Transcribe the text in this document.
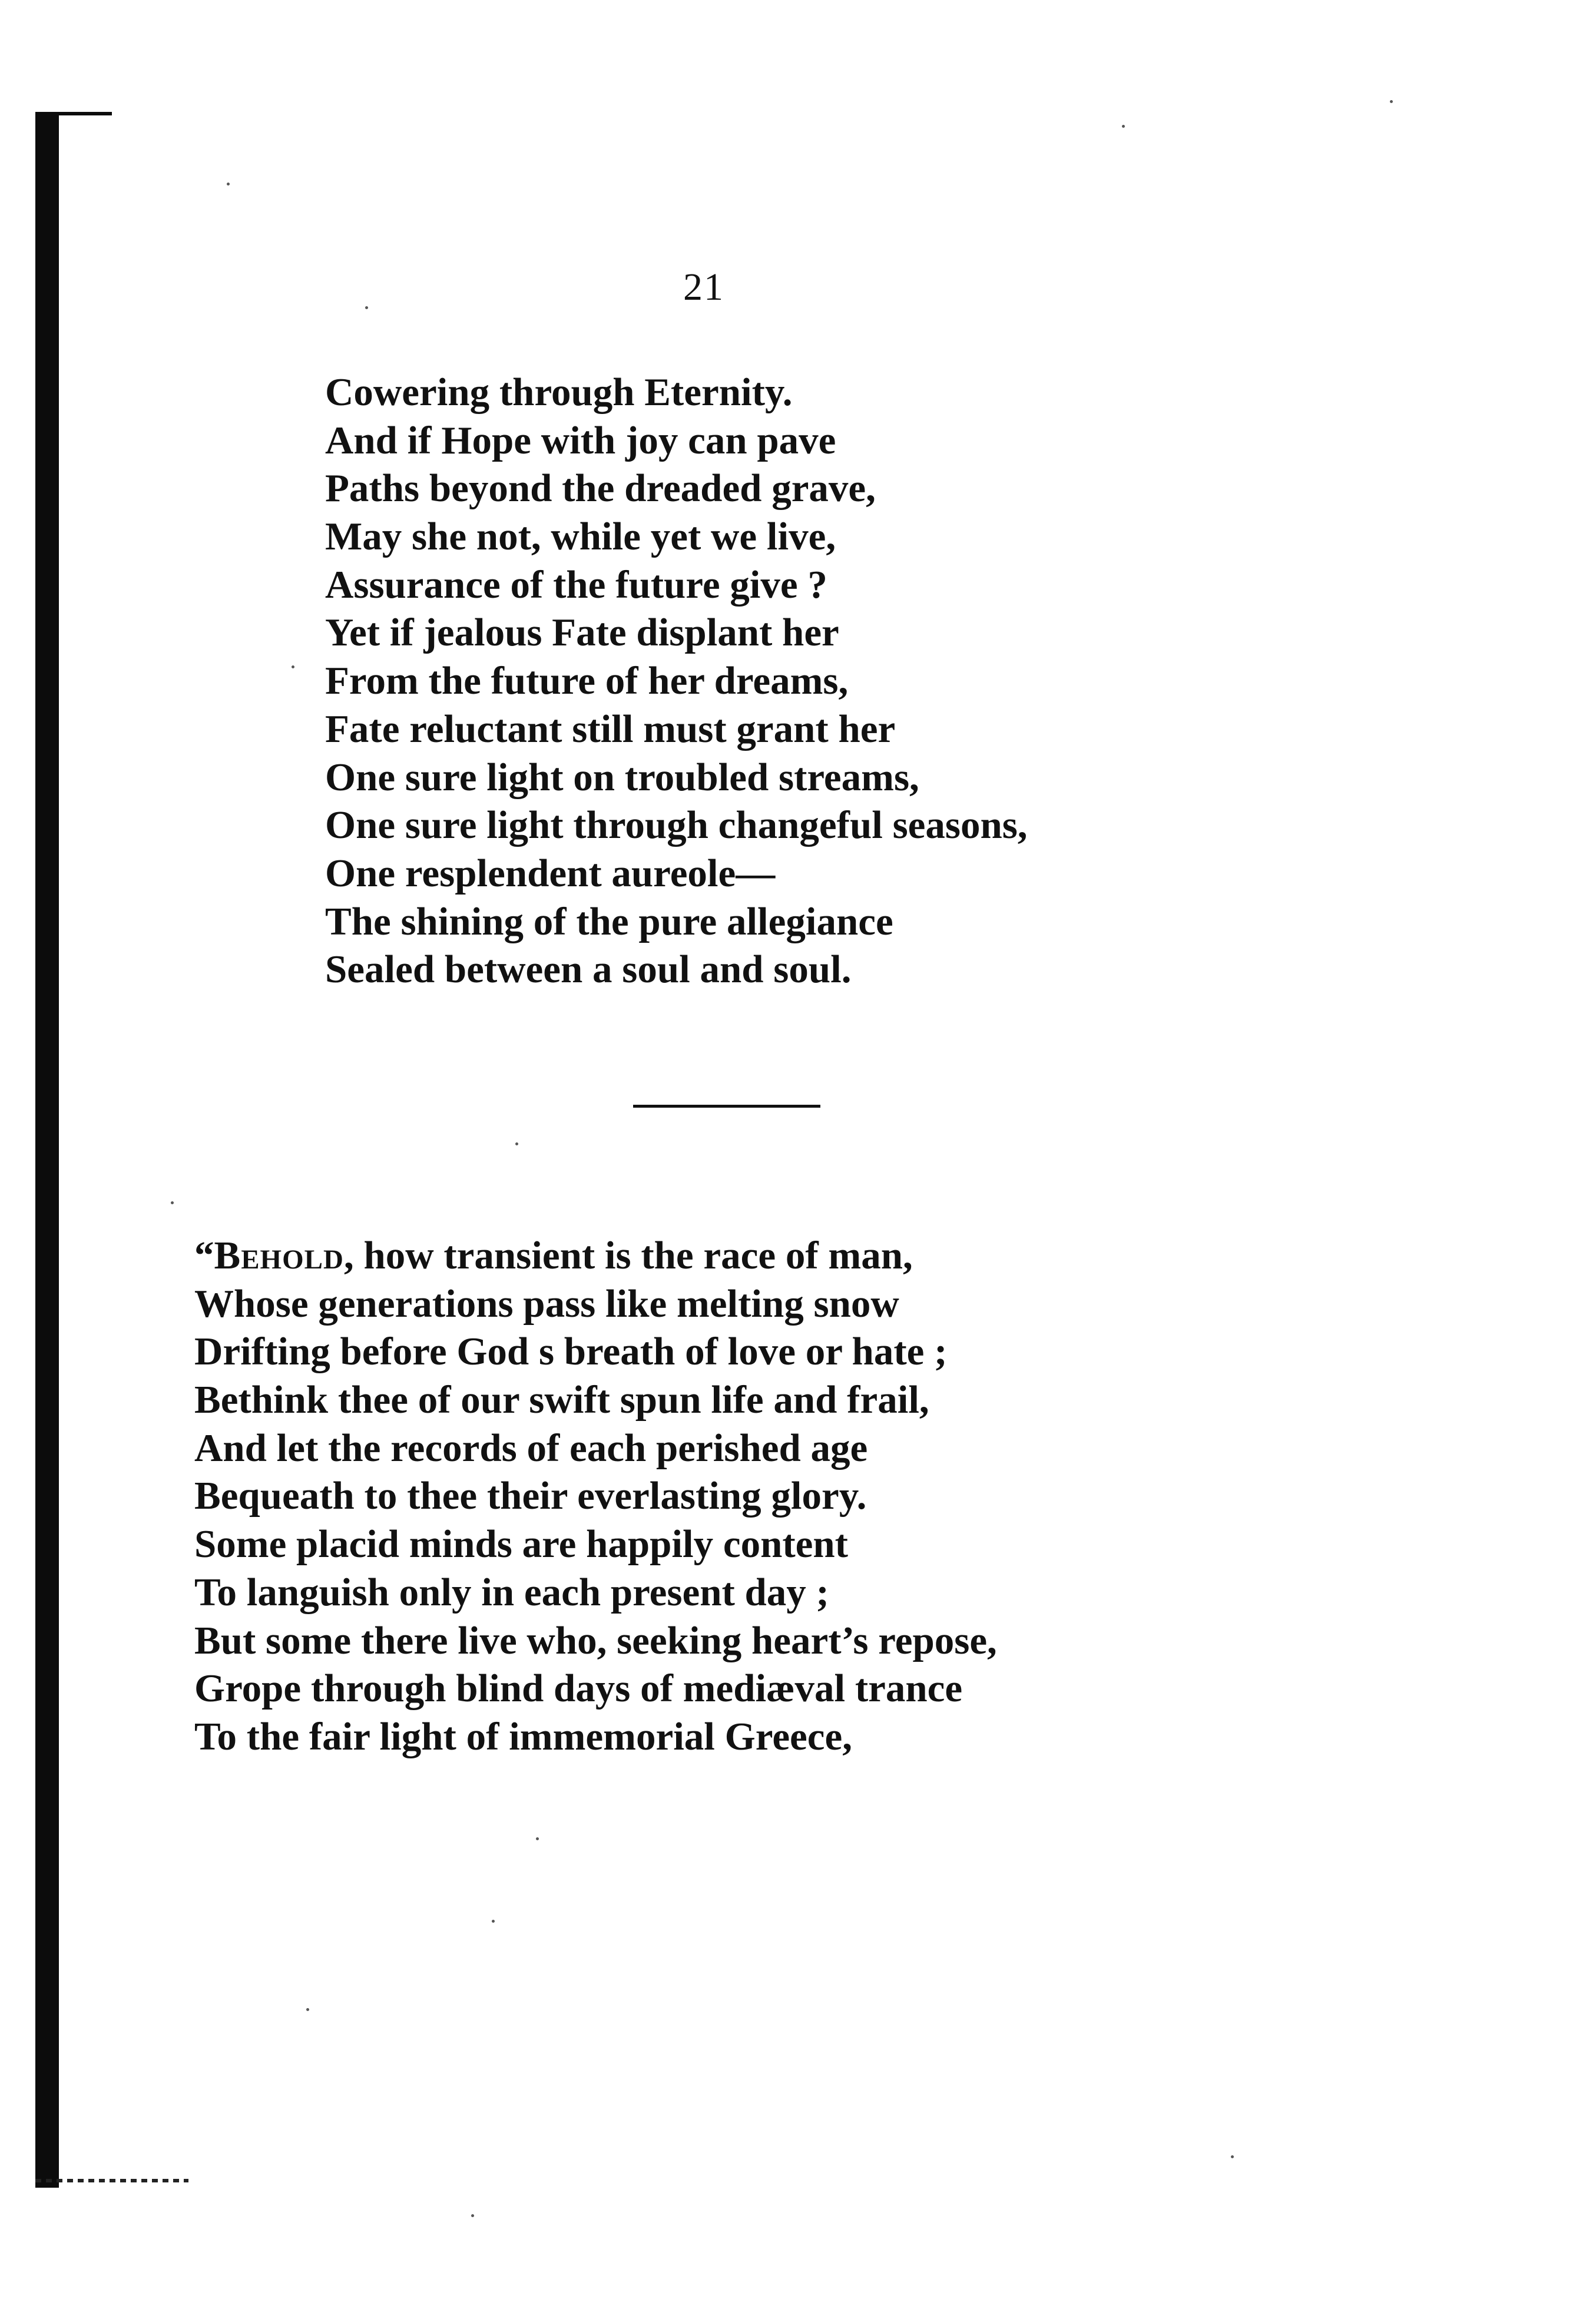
21
Cowering through Eternity.
And if Hope with joy can pave
Paths beyond the dreaded grave,
May she not, while yet we live,
Assurance of the future give ?
Yet if jealous Fate displant her
From the future of her dreams,
Fate reluctant still must grant her
One sure light on troubled streams,
One sure light through changeful seasons,
One resplendent aureole—
The shining of the pure allegiance
Sealed between a soul and soul.
“Behold, how transient is the race of man,
Whose generations pass like melting snow
Drifting before God s breath of love or hate ;
Bethink thee of our swift spun life and frail,
And let the records of each perished age
Bequeath to thee their everlasting glory.
Some placid minds are happily content
To languish only in each present day ;
But some there live who, seeking heart’s repose,
Grope through blind days of mediæval trance
To the fair light of immemorial Greece,
